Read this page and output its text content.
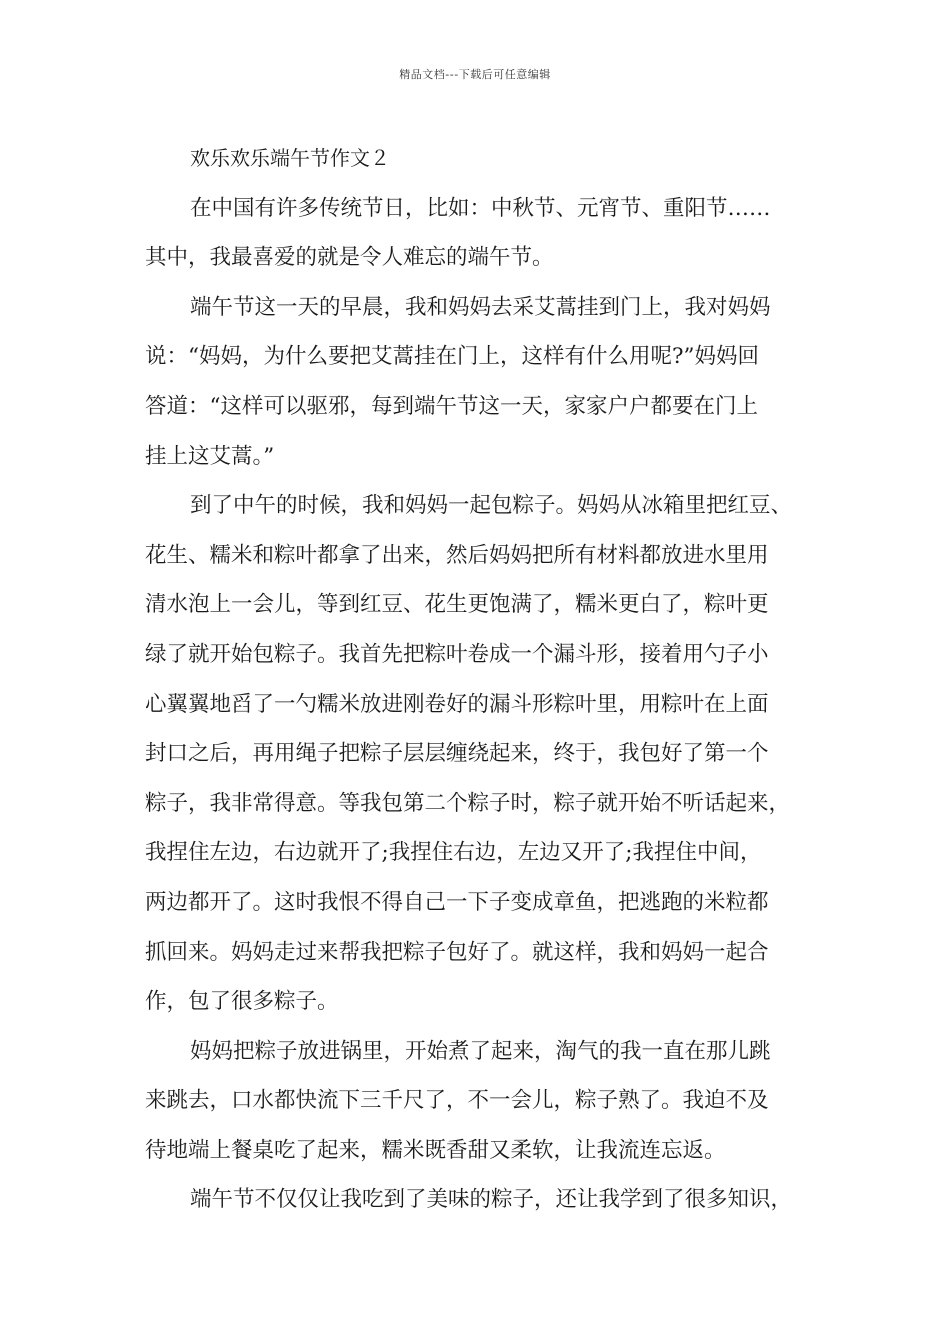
精品文档---下载后可任意编辑
欢乐欢乐端午节作文２
在中国有许多传统节日，比如：中秋节、元宵节、重阳节……
其中，我最喜爱的就是令人难忘的端午节。
端午节这一天的早晨，我和妈妈去采艾蒿挂到门上，我对妈妈
说：“妈妈，为什么要把艾蒿挂在门上，这样有什么用呢?”妈妈回
答道：“这样可以驱邪，每到端午节这一天，家家户户都要在门上
挂上这艾蒿。”
到了中午的时候，我和妈妈一起包粽子。妈妈从冰箱里把红豆、
花生、糯米和粽叶都拿了出来，然后妈妈把所有材料都放进水里用
清水泡上一会儿，等到红豆、花生更饱满了，糯米更白了，粽叶更
绿了就开始包粽子。我首先把粽叶卷成一个漏斗形，接着用勺子小
心翼翼地舀了一勺糯米放进刚卷好的漏斗形粽叶里，用粽叶在上面
封口之后，再用绳子把粽子层层缠绕起来，终于，我包好了第一个
粽子，我非常得意。等我包第二个粽子时，粽子就开始不听话起来，
我捏住左边，右边就开了;我捏住右边，左边又开了;我捏住中间，
两边都开了。这时我恨不得自己一下子变成章鱼，把逃跑的米粒都
抓回来。妈妈走过来帮我把粽子包好了。就这样，我和妈妈一起合
作，包了很多粽子。
妈妈把粽子放进锅里，开始煮了起来，淘气的我一直在那儿跳
来跳去，口水都快流下三千尺了，不一会儿，粽子熟了。我迫不及
待地端上餐桌吃了起来，糯米既香甜又柔软，让我流连忘返。
端午节不仅仅让我吃到了美味的粽子，还让我学到了很多知识，
